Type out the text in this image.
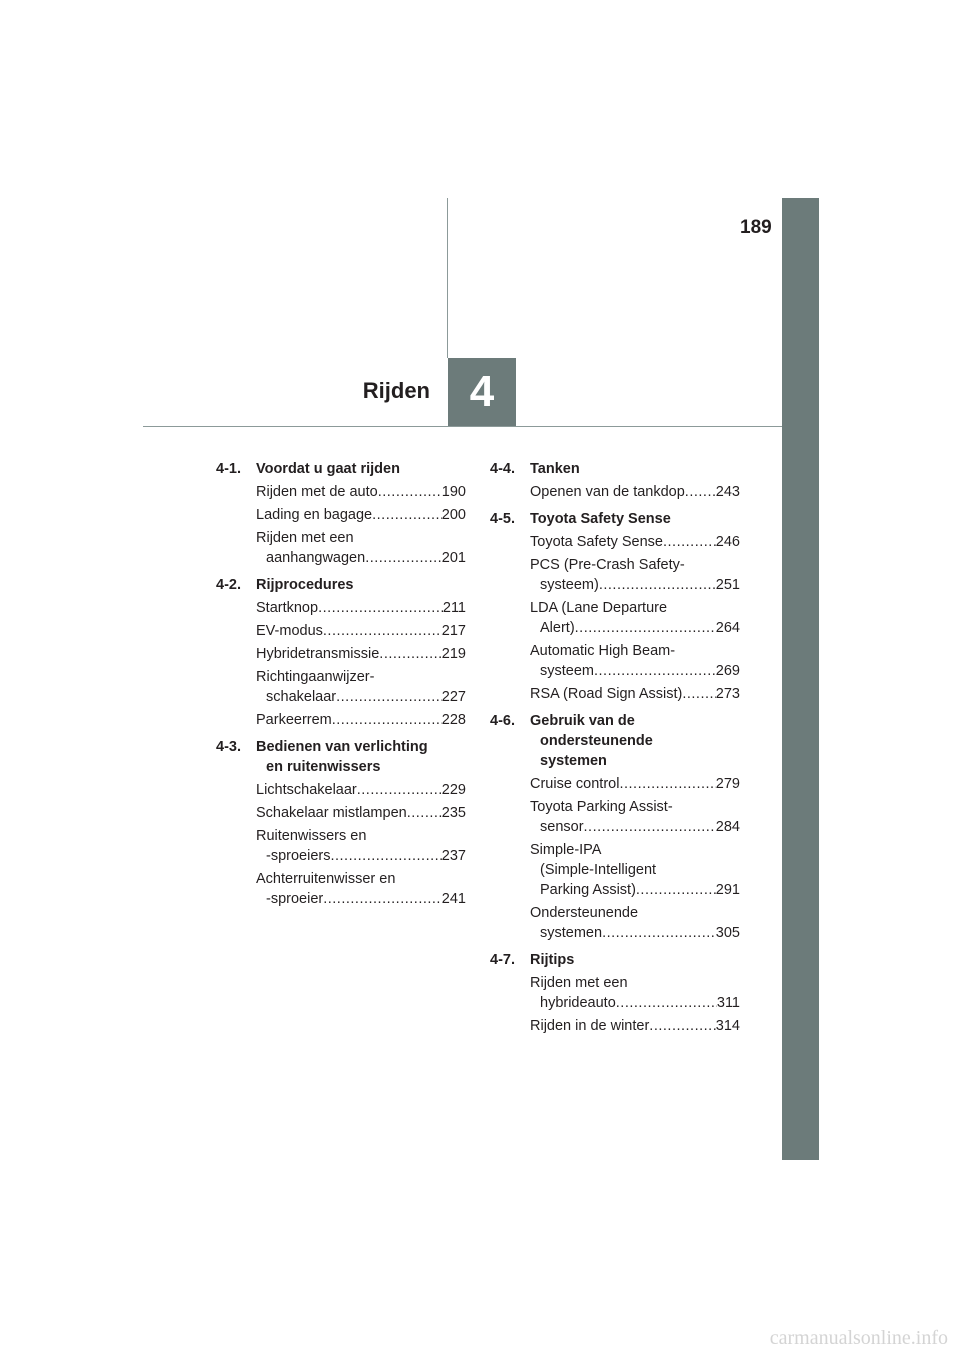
4
Rijden
189
4-1. Voordat u gaat rijden
Rijden met de auto .....	190
Lading en bagage .....	200
Rijden met een
aanhangwagen .....	201
4-2. Rijprocedures
Startknop .....	211
EV-modus .....	217
Hybridetransmissie .....	219
Richtingaanwijzer-
schakelaar .....	227
Parkeerrem .....	228
4-3. Bedienen van verlichting
en ruitenwissers
Lichtschakelaar .....	229
Schakelaar mistlampen ..... 235
Ruitenwissers en
-sproeiers .....	237
Achterruitenwisser en
-sproeier .....	241
4-4. Tanken
Openen van de tankdop ..... 243
4-5. Toyota Safety Sense
Toyota Safety Sense .....	246
PCS (Pre-Crash Safety-
systeem) .....	251
LDA (Lane Departure
Alert) .....	264
Automatic High Beam-
systeem .....	269
RSA (Road Sign Assist) ..... 273
4-6. Gebruik van de
ondersteunende
systemen
Cruise control .....	279
Toyota Parking Assist-
sensor .....	284
Simple-IPA
(Simple-Intelligent
Parking Assist) .....	291
Ondersteunende
systemen .....	305
4-7. Rijtips
Rijden met een
hybrideauto .....	311
Rijden in de winter .....	314
carmanualsonline.info
